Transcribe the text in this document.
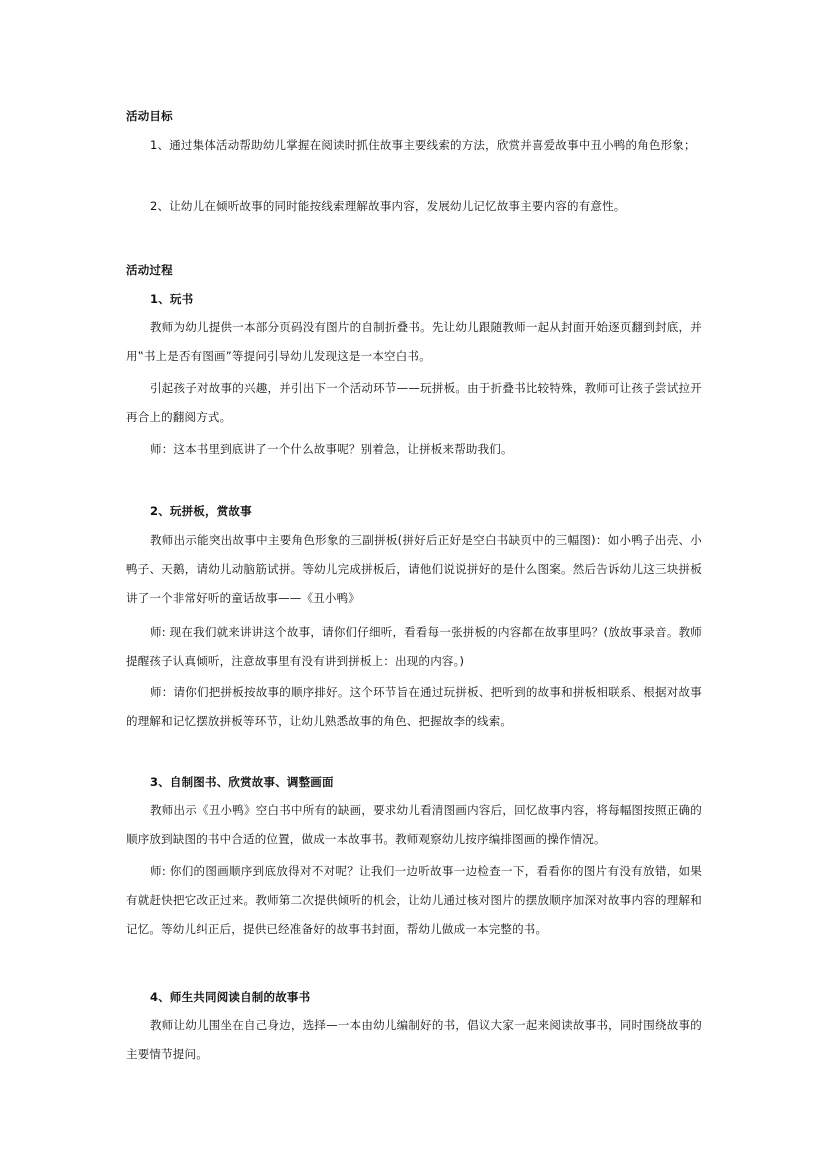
活动目标

1、通过集体活动帮助幼儿掌握在阅读时抓住故事主要线索的方法，欣赏并喜爱故事中丑小鸭的角色形象；

2、让幼儿在倾听故事的同时能按线索理解故事内容，发展幼儿记忆故事主要内容的有意性。

活动过程
1、玩书

教师为幼儿提供一本部分页码没有图片的自制折叠书。先让幼儿跟随教师一起从封面开始逐页翻到封底，并用‟书上是否有图画”等提问引导幼儿发现这是一本空白书。

引起孩子对故事的兴趣，并引出下一个活动环节——玩拼板。由于折叠书比较特殊，教师可让孩子尝试拉开再合上的翻阅方式。

师：这本书里到底讲了一个什么故事呢？别着急，让拼板来帮助我们。

2、玩拼板，赏故事

教师出示能突出故事中主要角色形象的三副拼板(拼好后正好是空白书缺页中的三幅图)：如小鸭子出壳、小鸭子、天鹅，请幼儿动脑筋试拼。等幼儿完成拼板后，请他们说说拼好的是什么图案。然后告诉幼儿这三块拼板讲了一个非常好听的童话故事——《丑小鸭》

师: 现在我们就来讲讲这个故事，请你们仔细听，看看每一张拼板的内容都在故事里吗？(放故事录音。教师提醒孩子认真倾听，注意故事里有没有讲到拼板上：出现的内容。)

师：请你们把拼板按故事的顺序排好。这个环节旨在通过玩拼板、把听到的故事和拼板相联系、根据对故事的理解和记忆摆放拼板等环节，让幼儿熟悉故事的角色、把握故李的线索。

3、自制图书、欣赏故事、调整画面

教师出示《丑小鸭》空白书中所有的缺画，要求幼儿看清图画内容后，回忆故事内容，将每幅图按照正确的顺序放到缺图的书中合适的位置，做成一本故事书。教师观察幼儿按序编排图画的操作情况。

师: 你们的图画顺序到底放得对不对呢？让我们一边听故事一边检查一下，看看你的图片有没有放错，如果有就赶快把它改正过来。教师第二次提供倾听的机会，让幼儿通过核对图片的摆放顺序加深对故事内容的理解和记忆。等幼儿纠正后，提供已经准备好的故事书封面，帮幼儿做成一本完整的书。

4、师生共同阅读自制的故事书

教师让幼儿围坐在自己身边，选择—一本由幼儿编制好的书，倡议大家一起来阅读故事书，同时围绕故事的主要情节提问。
